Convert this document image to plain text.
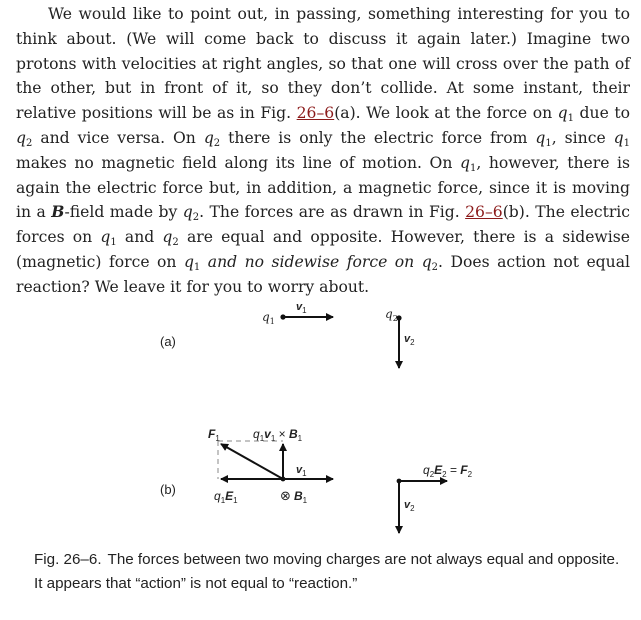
We would like to point out, in passing, something interesting for you to think about. (We will come back to discuss it again later.) Imagine two protons with velocities at right angles, so that one will cross over the path of the other, but in front of it, so they don’t collide. At some instant, their relative positions will be as in Fig. 26–6(a). We look at the force on $q_1$ due to $q_2$ and vice versa. On $q_2$ there is only the electric force from $q_1$, since $q_1$ makes no magnetic field along its line of motion. On $q_1$, however, there is again the electric force but, in addition, a magnetic force, since it is moving in a B-field made by $q_2$. The forces are as drawn in Fig. 26–6(b). The electric forces on $q_1$ and $q_2$ are equal and opposite. However, there is a sidewise (magnetic) force on $q_1$ and no sidewise force on $q_2$. Does action not equal reaction? We leave it for you to worry about.

(a)
$q_1$
$v_1$	$q_2$
$v_2$
(b)
$F_1$	$q_1v_1 \times B_1$
$q_1E_1$
$v_1$
⊗ $B_1$
$q_2E_2 = F_2$
$v_2$

Fig. 26–6. The forces between two moving charges are not always equal and opposite. It appears that “action” is not equal to “reaction.”
